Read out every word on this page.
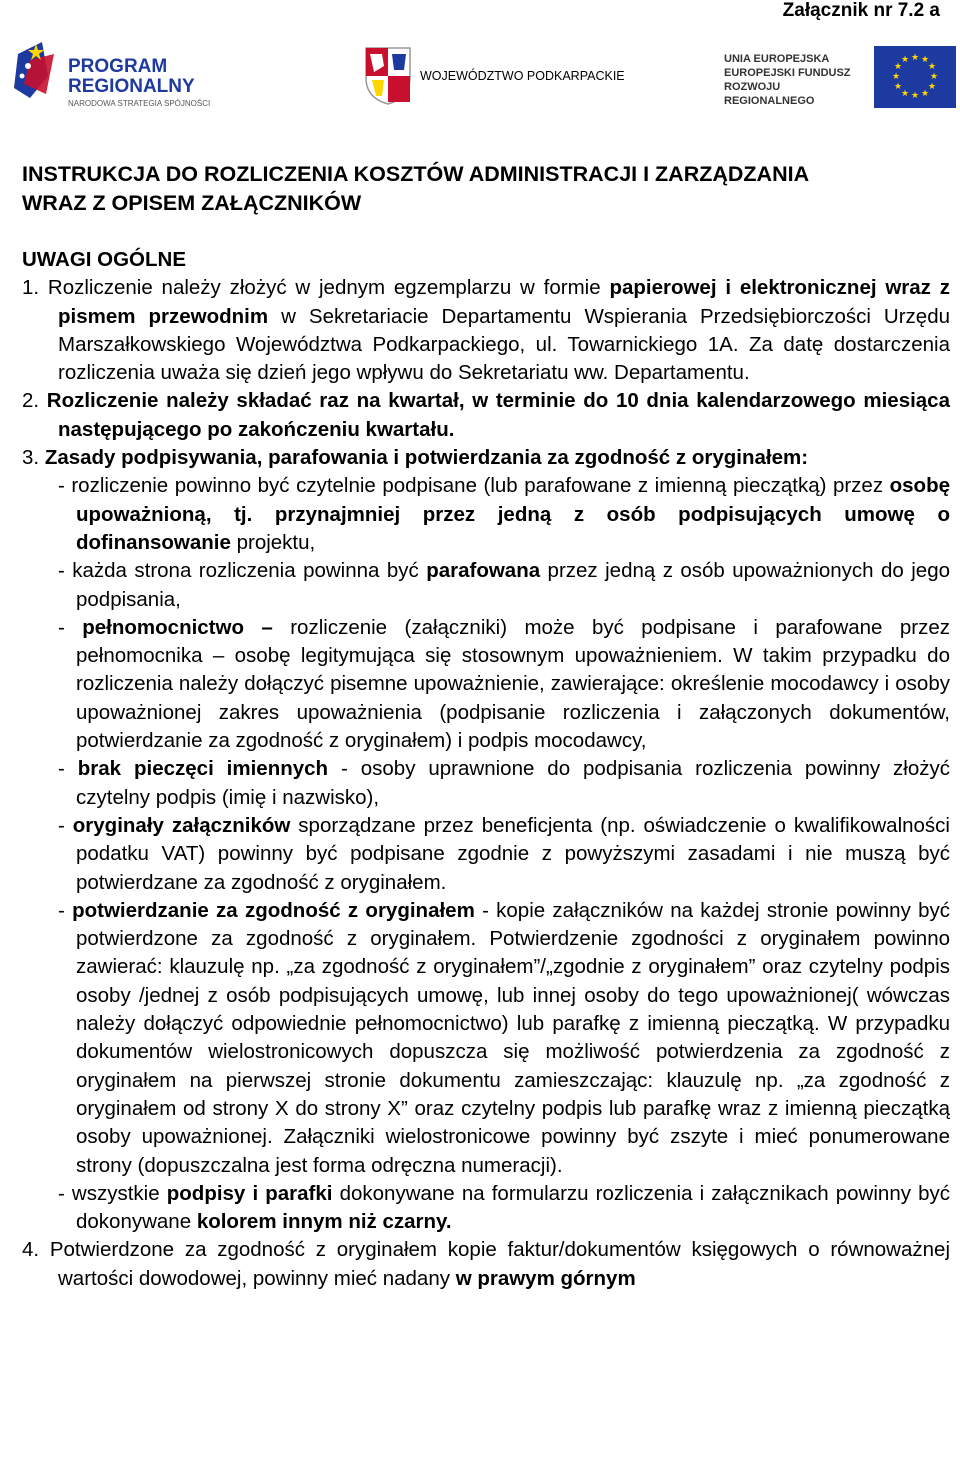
Załącznik nr 7.2 a
PROGRAM
REGIONALNY
NARODOWA STRATEGIA SPÓJNOŚCI
WOJEWÓDZTWO PODKARPACKIE
UNIA EUROPEJSKA
EUROPEJSKI FUNDUSZ
ROZWOJU REGIONALNEGO
★ ★
★
★
★
★
★
★
★
★
★
★
INSTRUKCJA DO ROZLICZENIA KOSZTÓW ADMINISTRACJI I ZARZĄDZANIA
WRAZ Z OPISEM ZAŁĄCZNIKÓW
UWAGI OGÓLNE

1. Rozliczenie należy złożyć w jednym egzemplarzu w formie papierowej i elektronicznej wraz z pismem przewodnim w Sekretariacie Departamentu Wspierania Przedsiębiorczości Urzędu Marszałkowskiego Województwa Podkarpackiego, ul. Towarnickiego 1A. Za datę dostarczenia rozliczenia uważa się dzień jego wpływu do Sekretariatu ww. Departamentu.

2. Rozliczenie należy składać raz na kwartał, w terminie do 10 dnia kalendarzowego miesiąca następującego po zakończeniu kwartału.

3. Zasady podpisywania, parafowania i potwierdzania za zgodność z oryginałem:

- rozliczenie powinno być czytelnie podpisane (lub parafowane z imienną pieczątką) przez osobę upoważnioną, tj. przynajmniej przez jedną z osób podpisujących umowę o dofinansowanie projektu,

- każda strona rozliczenia powinna być parafowana przez jedną z osób upoważnionych do jego podpisania,

- pełnomocnictwo – rozliczenie (załączniki) może być podpisane i parafowane przez pełnomocnika – osobę legitymująca się stosownym upoważnieniem. W takim przypadku do rozliczenia należy dołączyć pisemne upoważnienie, zawierające: określenie mocodawcy i osoby upoważnionej zakres upoważnienia (podpisanie rozliczenia i załączonych dokumentów, potwierdzanie za zgodność z oryginałem) i podpis mocodawcy,

- brak pieczęci imiennych - osoby uprawnione do podpisania rozliczenia powinny złożyć czytelny podpis (imię i nazwisko),

- oryginały załączników sporządzane przez beneficjenta (np. oświadczenie o kwalifikowalności podatku VAT) powinny być podpisane zgodnie z powyższymi zasadami i nie muszą być potwierdzane za zgodność z oryginałem.

- potwierdzanie za zgodność z oryginałem - kopie załączników na każdej stronie powinny być potwierdzone za zgodność z oryginałem. Potwierdzenie zgodności z oryginałem powinno zawierać: klauzulę np. „za zgodność z oryginałem”/„zgodnie z oryginałem” oraz czytelny podpis osoby /jednej z osób podpisujących umowę, lub innej osoby do tego upoważnionej( wówczas należy dołączyć odpowiednie pełnomocnictwo) lub parafkę z imienną pieczątką. W przypadku dokumentów wielostronicowych dopuszcza się możliwość potwierdzenia za zgodność z oryginałem na pierwszej stronie dokumentu zamieszczając: klauzulę np. „za zgodność z oryginałem od strony X do strony X” oraz czytelny podpis lub parafkę wraz z imienną pieczątką osoby upoważnionej. Załączniki wielostronicowe powinny być zszyte i mieć ponumerowane strony (dopuszczalna jest forma odręczna numeracji).

- wszystkie podpisy i parafki dokonywane na formularzu rozliczenia i załącznikach powinny być dokonywane kolorem innym niż czarny.

4. Potwierdzone za zgodność z oryginałem kopie faktur/dokumentów księgowych o równoważnej wartości dowodowej, powinny mieć nadany w prawym górnym
